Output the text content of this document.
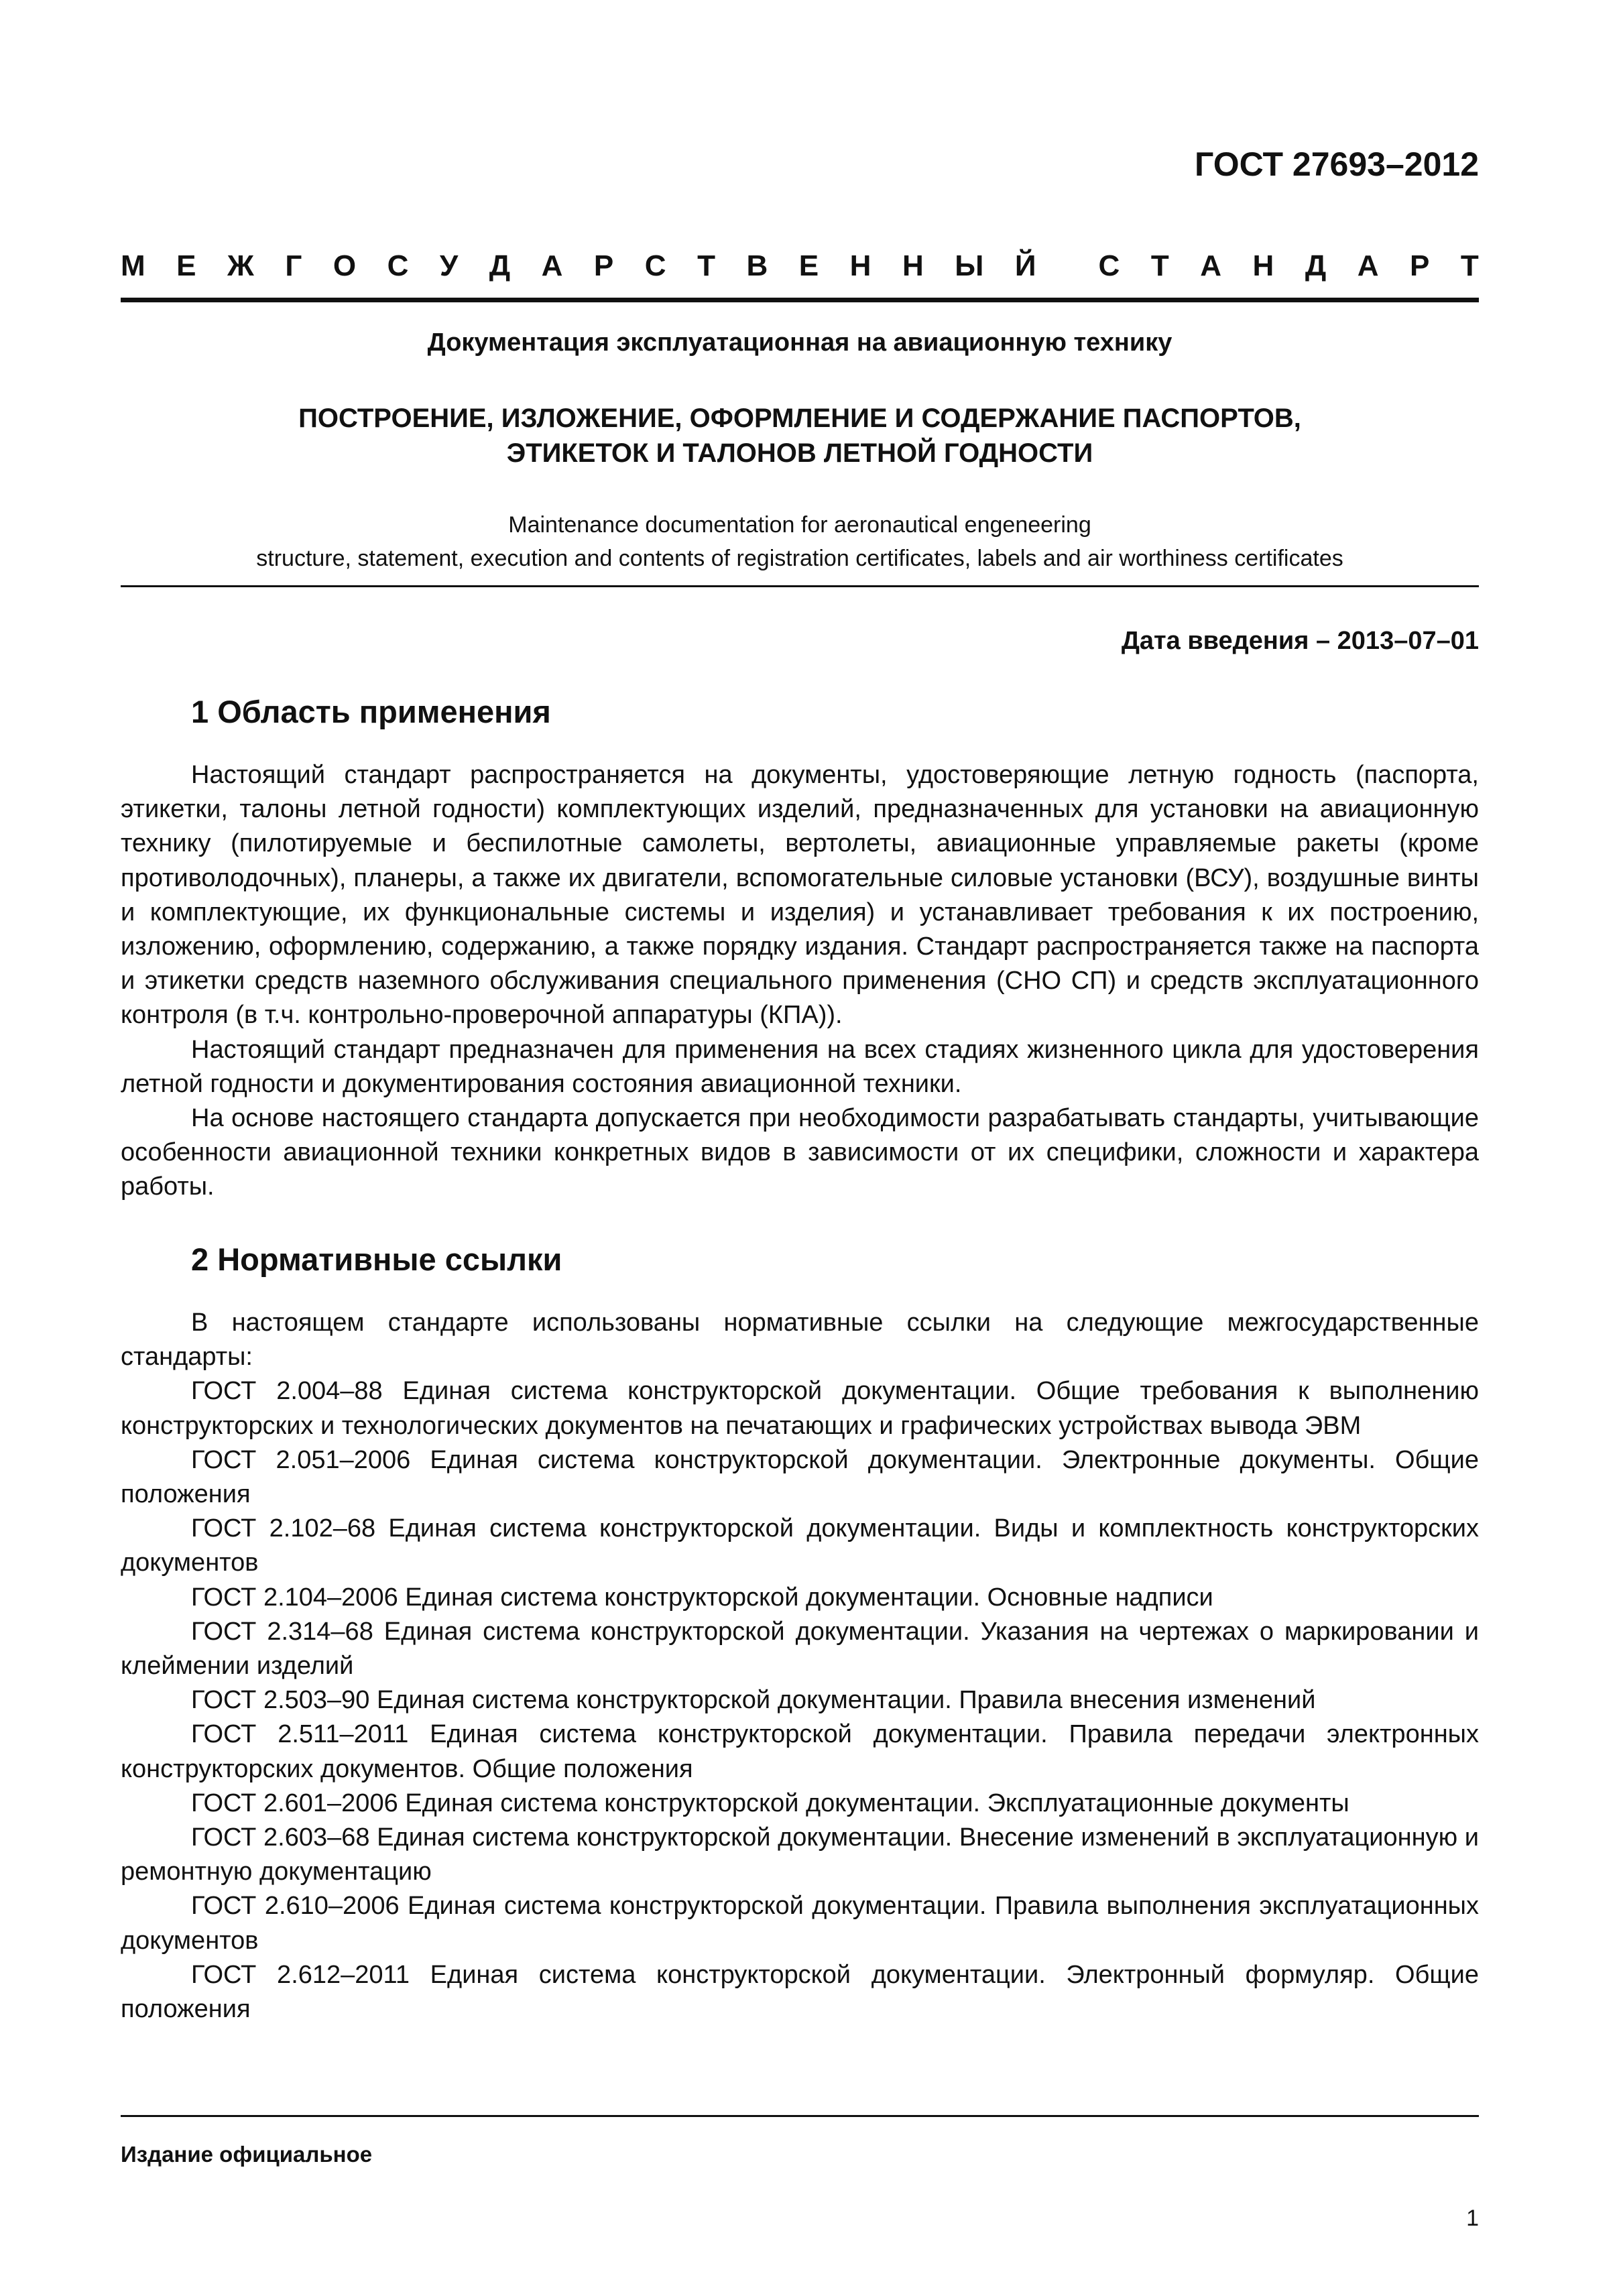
ГОСТ 27693–2012
М Е Ж Г О С У Д А Р С Т В Е Н Н Ы Й С Т А Н Д А Р Т
Документация эксплуатационная на авиационную технику
ПОСТРОЕНИЕ, ИЗЛОЖЕНИЕ, ОФОРМЛЕНИЕ И СОДЕРЖАНИЕ ПАСПОРТОВ,
ЭТИКЕТОК И ТАЛОНОВ ЛЕТНОЙ ГОДНОСТИ
Maintenance documentation for aeronautical engeneering
structure, statement, execution and contents of registration certificates, labels and air worthiness certificates
Дата введения – 2013–07–01
1 Область применения

Настоящий стандарт распространяется на документы, удостоверяющие летную годность (паспорта, этикетки, талоны летной годности) комплектующих изделий, предназначенных для установки на авиационную технику (пилотируемые и беспилотные самолеты, вертолеты, авиационные управляемые ракеты (кроме противолодочных), планеры, а также их двигатели, вспомогательные силовые установки (ВСУ), воздушные винты и комплектующие, их функциональные системы и изделия) и устанавливает требования к их построению, изложению, оформлению, содержанию, а также порядку издания. Стандарт распространяется также на паспорта и этикетки средств наземного обслуживания специального применения (СНО СП) и средств эксплуатационного контроля (в т.ч. контрольно-проверочной аппаратуры (КПА)).

Настоящий стандарт предназначен для применения на всех стадиях жизненного цикла для удостоверения летной годности и документирования состояния авиационной техники.

На основе настоящего стандарта допускается при необходимости разрабатывать стандарты, учитывающие особенности авиационной техники конкретных видов в зависимости от их специфики, сложности и характера работы.

2 Нормативные ссылки

В настоящем стандарте использованы нормативные ссылки на следующие межгосударственные стандарты:

ГОСТ 2.004–88 Единая система конструкторской документации. Общие требования к выполнению конструкторских и технологических документов на печатающих и графических устройствах вывода ЭВМ

ГОСТ 2.051–2006 Единая система конструкторской документации. Электронные документы. Общие положения

ГОСТ 2.102–68 Единая система конструкторской документации. Виды и комплектность конструкторских документов

ГОСТ 2.104–2006 Единая система конструкторской документации. Основные надписи

ГОСТ 2.314–68 Единая система конструкторской документации. Указания на чертежах о маркировании и клеймении изделий

ГОСТ 2.503–90 Единая система конструкторской документации. Правила внесения изменений

ГОСТ 2.511–2011 Единая система конструкторской документации. Правила передачи электронных конструкторских документов. Общие положения

ГОСТ 2.601–2006 Единая система конструкторской документации. Эксплуатационные документы

ГОСТ 2.603–68 Единая система конструкторской документации. Внесение изменений в эксплуатационную и ремонтную документацию

ГОСТ 2.610–2006 Единая система конструкторской документации. Правила выполнения эксплуатационных документов

ГОСТ 2.612–2011 Единая система конструкторской документации. Электронный формуляр. Общие положения

Издание официальное
1
